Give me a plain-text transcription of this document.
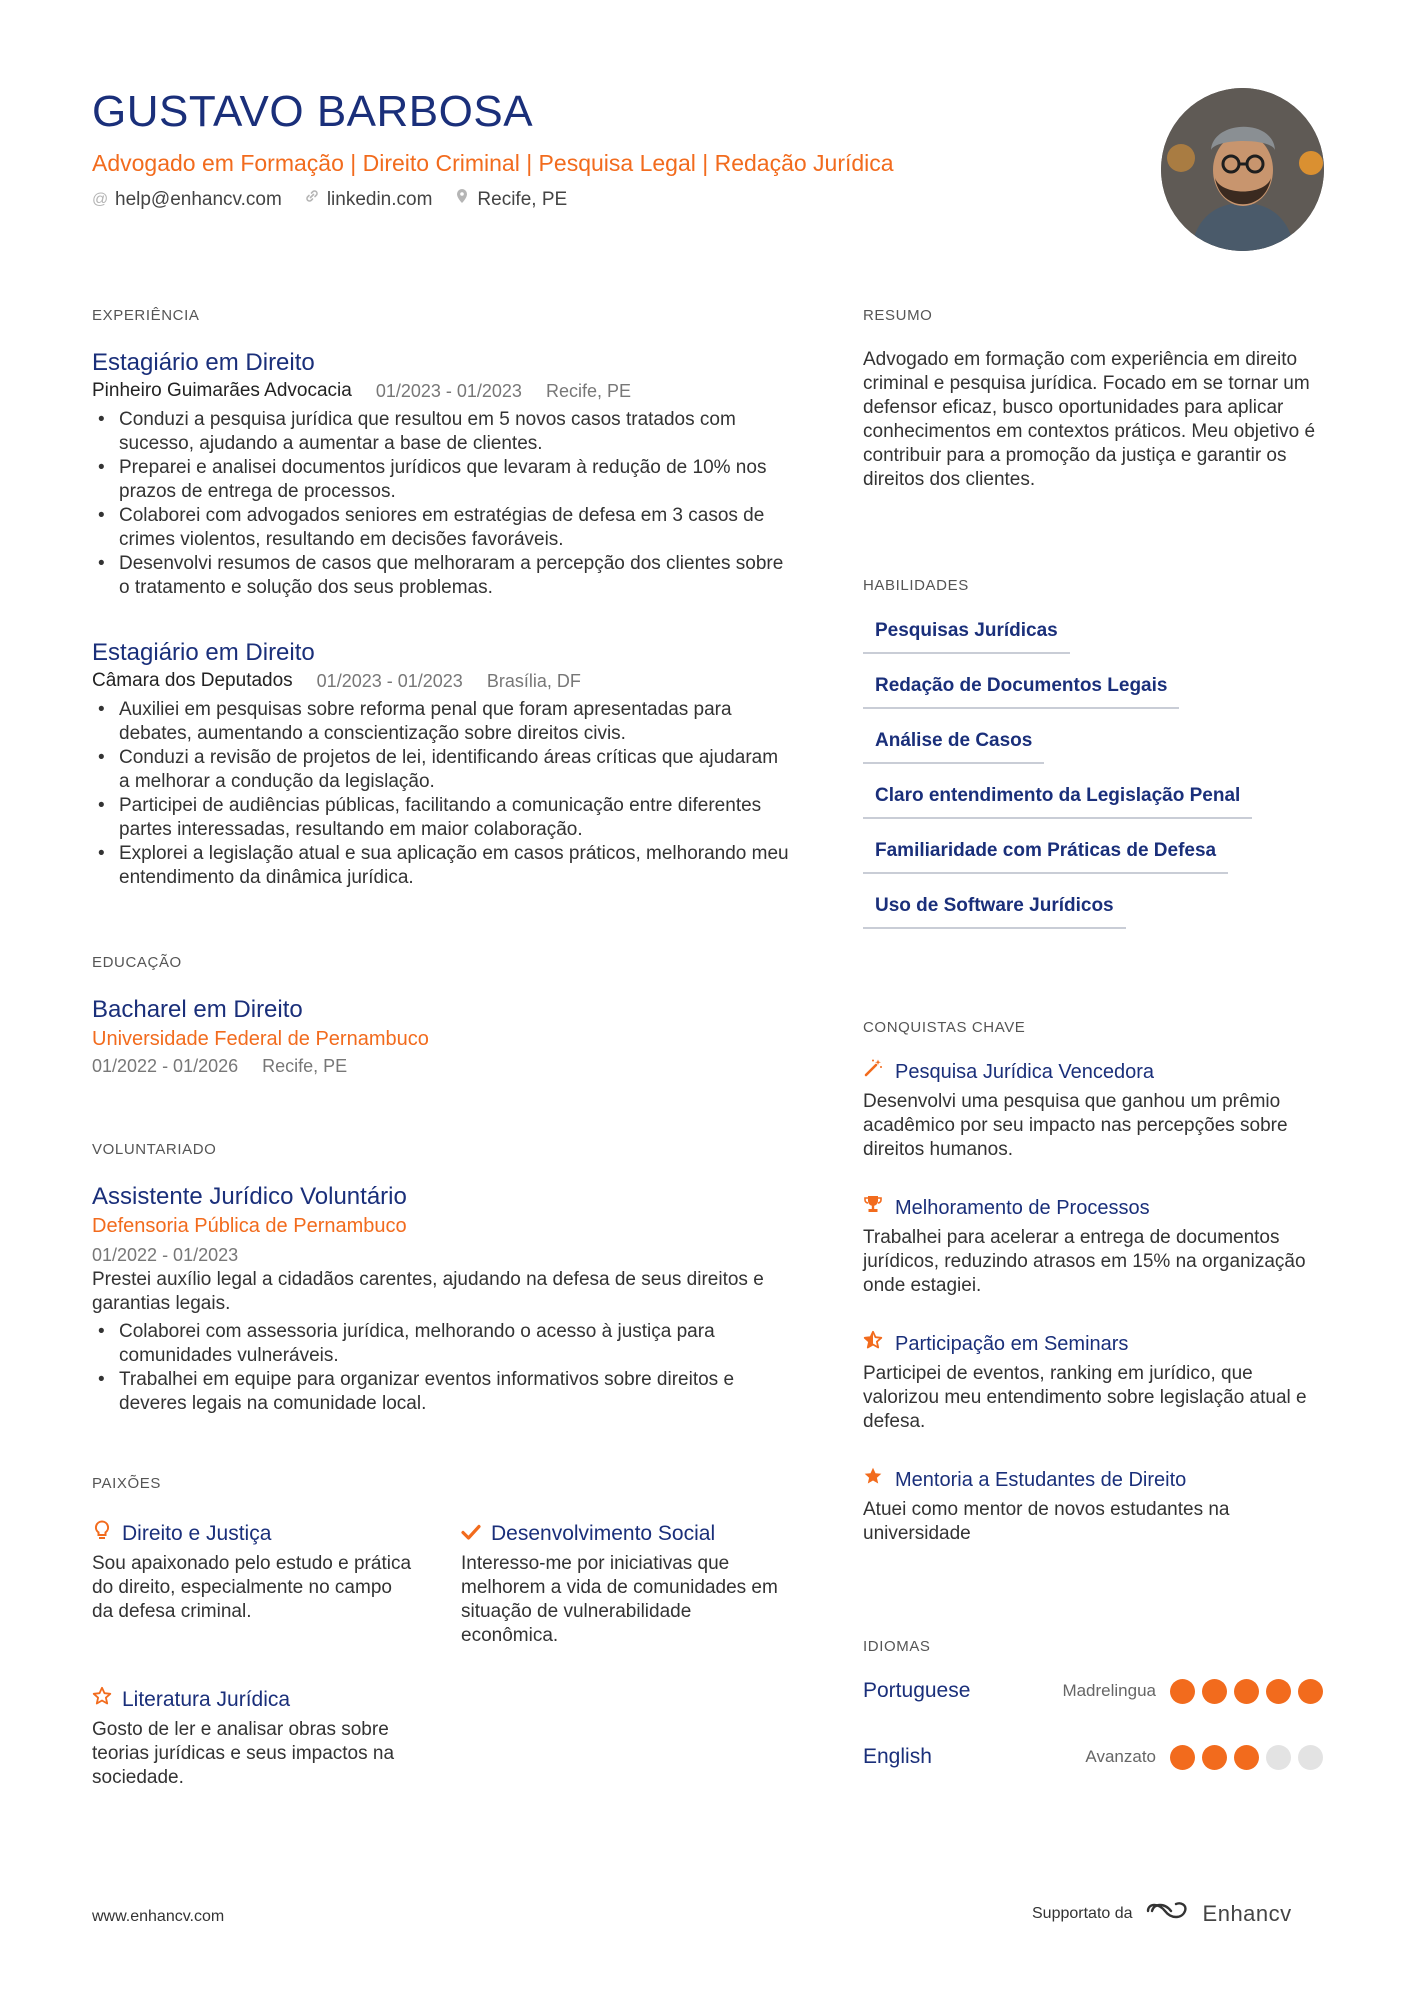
GUSTAVO BARBOSA
Advogado em Formação | Direito Criminal | Pesquisa Legal | Redação Jurídica
@ help@enhancv.com linkedin.com Recife, PE
EXPERIÊNCIA
Estagiário em Direito
Pinheiro Guimarães Advocacia 01/2023 - 01/2023 Recife, PE
• Conduzi a pesquisa jurídica que resultou em 5 novos casos tratados com sucesso, ajudando a aumentar a base de clientes.
• Preparei e analisei documentos jurídicos que levaram à redução de 10% nos prazos de entrega de processos.
• Colaborei com advogados seniores em estratégias de defesa em 3 casos de crimes violentos, resultando em decisões favoráveis.
• Desenvolvi resumos de casos que melhoraram a percepção dos clientes sobre o tratamento e solução dos seus problemas.
Estagiário em Direito
Câmara dos Deputados 01/2023 - 01/2023 Brasília, DF
• Auxiliei em pesquisas sobre reforma penal que foram apresentadas para debates, aumentando a conscientização sobre direitos civis.
• Conduzi a revisão de projetos de lei, identificando áreas críticas que ajudaram a melhorar a condução da legislação.
• Participei de audiências públicas, facilitando a comunicação entre diferentes partes interessadas, resultando em maior colaboração.
• Explorei a legislação atual e sua aplicação em casos práticos, melhorando meu entendimento da dinâmica jurídica.
EDUCAÇÃO
Bacharel em Direito
Universidade Federal de Pernambuco
01/2022 - 01/2026 Recife, PE
VOLUNTARIADO
Assistente Jurídico Voluntário
Defensoria Pública de Pernambuco
01/2022 - 01/2023
Prestei auxílio legal a cidadãos carentes, ajudando na defesa de seus direitos e garantias legais.
• Colaborei com assessoria jurídica, melhorando o acesso à justiça para comunidades vulneráveis.
• Trabalhei em equipe para organizar eventos informativos sobre direitos e deveres legais na comunidade local.
PAIXÕES
Direito e Justiça
Sou apaixonado pelo estudo e prática do direito, especialmente no campo da defesa criminal.
Desenvolvimento Social
Interesso-me por iniciativas que melhorem a vida de comunidades em situação de vulnerabilidade econômica.
Literatura Jurídica
Gosto de ler e analisar obras sobre teorias jurídicas e seus impactos na sociedade.
RESUMO
Advogado em formação com experiência em direito criminal e pesquisa jurídica. Focado em se tornar um defensor eficaz, busco oportunidades para aplicar conhecimentos em contextos práticos. Meu objetivo é contribuir para a promoção da justiça e garantir os direitos dos clientes.
HABILIDADES
Pesquisas Jurídicas
Redação de Documentos Legais
Análise de Casos
Claro entendimento da Legislação Penal
Familiaridade com Práticas de Defesa
Uso de Software Jurídicos
CONQUISTAS CHAVE
Pesquisa Jurídica Vencedora
Desenvolvi uma pesquisa que ganhou um prêmio acadêmico por seu impacto nas percepções sobre direitos humanos.
Melhoramento de Processos
Trabalhei para acelerar a entrega de documentos jurídicos, reduzindo atrasos em 15% na organização onde estagiei.
Participação em Seminars
Participei de eventos, ranking em jurídico, que valorizou meu entendimento sobre legislação atual e defesa.
Mentoria a Estudantes de Direito
Atuei como mentor de novos estudantes na universidade
IDIOMAS
Portuguese	Madrelingua
English	Avanzato
www.enhancv.com	Supportato da	Enhancv
